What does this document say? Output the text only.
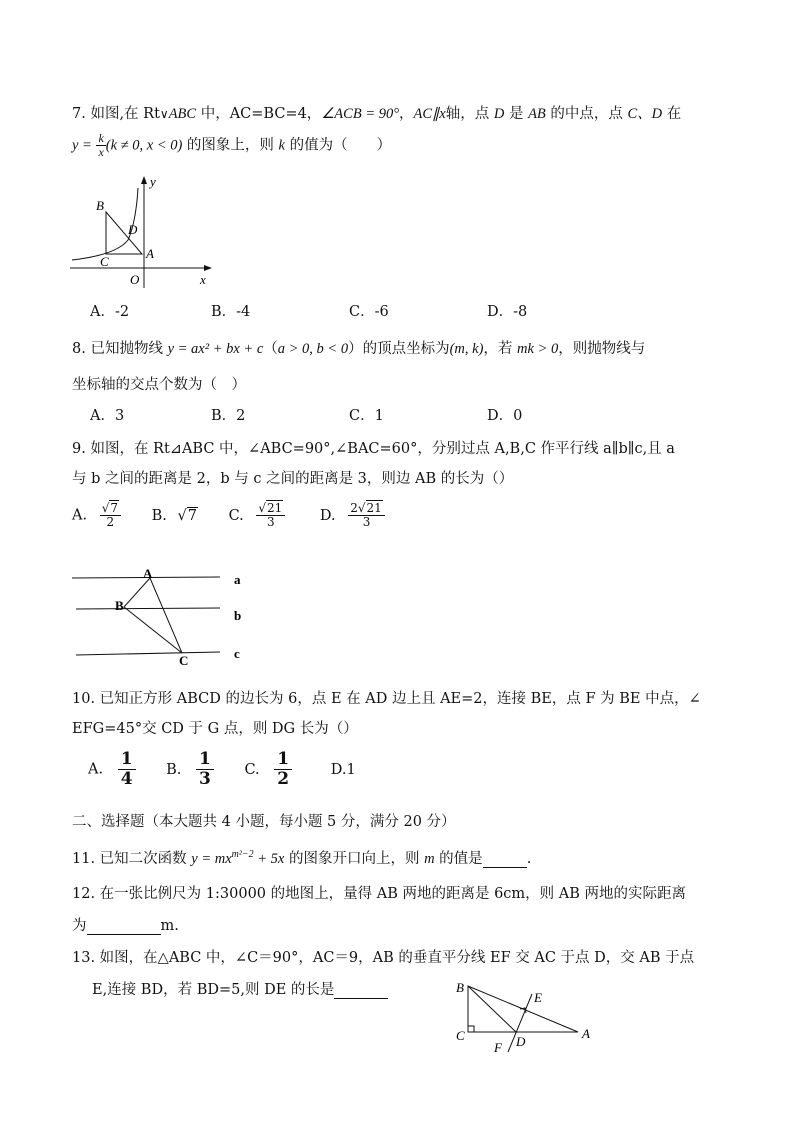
7. 如图,在 Rt∨ABC 中，AC=BC=4，∠ACB = 90°，AC∥x轴，点 D 是 AB 的中点，点 C、D 在
$y = \frac{k}{x} (k \ne 0$, x < 0) 的图象上，则 k 的值为（　　）
y
x
B
D
A
C
O
A．-2	B．-4	C．-6	D．-8
8. 已知抛物线 y = ax² + bx + c（a > 0, b < 0）的顶点坐标为(m, k)，若 mk > 0，则抛物线与
坐标轴的交点个数为（　）
A．3	B．2	C．1	D．0
9. 如图，在 Rt⊿ABC 中，∠ABC=90°,∠BAC=60°，分别过点 A,B,C 作平行线 a∥b∥c,且 a
与 b 之间的距离是 2，b 与 c 之间的距离是 3，则边 AB 的长为（）
A. $\frac{√7}{2} B$. √7 C. $\frac{√21}{3} D$. $\frac{2√21}{3}$
A
B
C
a
b
c
10. 已知正方形 ABCD 的边长为 6，点 E 在 AD 边上且 AE=2，连接 BE，点 F 为 BE 中点，∠
EFG=45°交 CD 于 G 点，则 DG 长为（）
A. $\frac{1}{4} B$. $\frac{1}{3} C$. $\frac{1}{2}$	D.1
二、选择题（本大题共 4 小题，每小题 5 分，满分 20 分）
11. 已知二次函数 $y = mx^{m^2-2} + 5x$ 的图象开口向上，则 m 的值是	.
12. 在一张比例尺为 1:30000 的地图上，量得 AB 两地的距离是 6cm，则 AB 两地的实际距离
为	m.
13. 如图，在△ABC 中，∠C＝90°，AC＝9，AB 的垂直平分线 EF 交 AC 于点 D，交 AB 于点
E,连接 BD，若 BD=5,则 DE 的长是	B
E
C
F D
A
